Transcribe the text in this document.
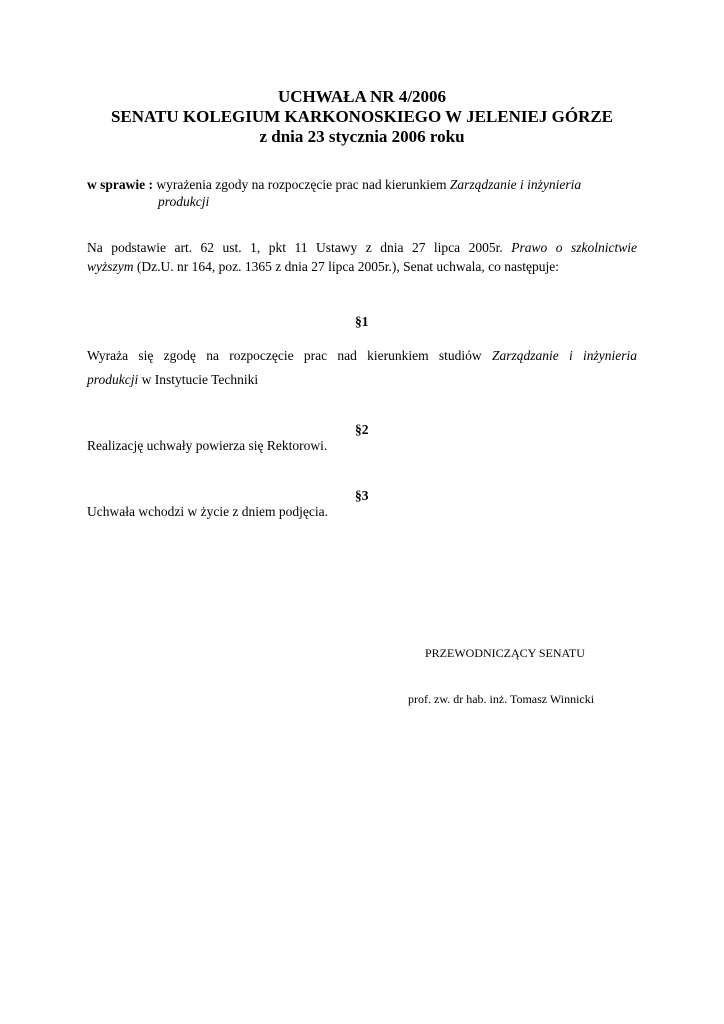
UCHWAŁA NR 4/2006
SENATU KOLEGIUM KARKONOSKIEGO W JELENIEJ GÓRZE
z dnia 23 stycznia 2006 roku
w sprawie : wyrażenia zgody na rozpoczęcie prac nad kierunkiem Zarządzanie i inżynieria
produkcji
Na podstawie art. 62 ust. 1, pkt 11 Ustawy z dnia 27 lipca 2005r. Prawo o szkolnictwie
wyższym (Dz.U. nr 164, poz. 1365 z dnia 27 lipca 2005r.), Senat uchwala, co następuje:
§1
Wyraża się zgodę na rozpoczęcie prac nad kierunkiem studiów Zarządzanie i inżynieria
produkcji w Instytucie Techniki
§2
Realizację uchwały powierza się Rektorowi.
§3
Uchwała wchodzi w życie z dniem podjęcia.
PRZEWODNICZĄCY SENATU
prof. zw. dr hab. inż. Tomasz Winnicki
